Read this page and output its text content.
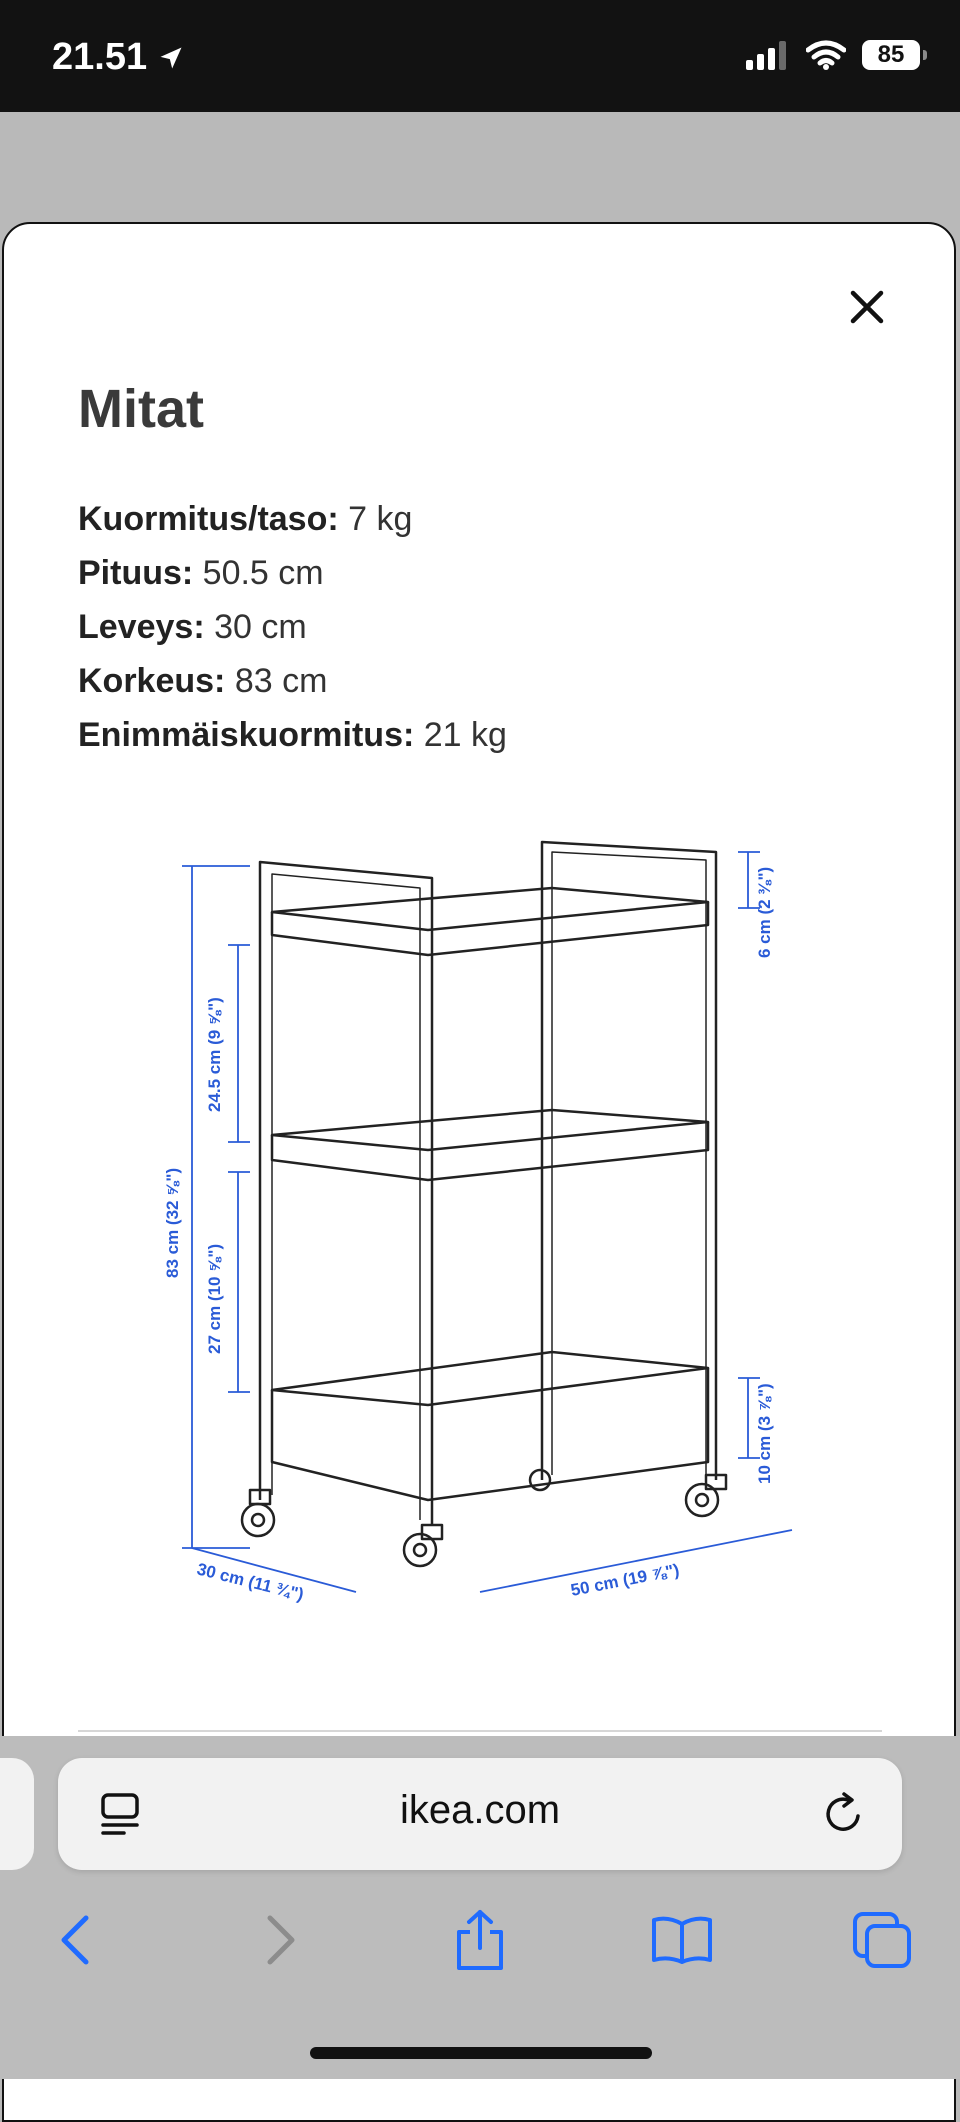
21.51	85
Mitat
Kuormitus/taso: 7 kg
Pituus: 50.5 cm
Leveys: 30 cm
Korkeus: 83 cm
Enimmäiskuormitus: 21 kg
6 cm (2 ⅜")
24.5 cm (9 ⅝")
83 cm (32 ⅝")
27 cm (10 ⅝")
10 cm (3 ⅞")
30 cm (11 ¾")	50 cm (19 ⅞")
ikea.com
